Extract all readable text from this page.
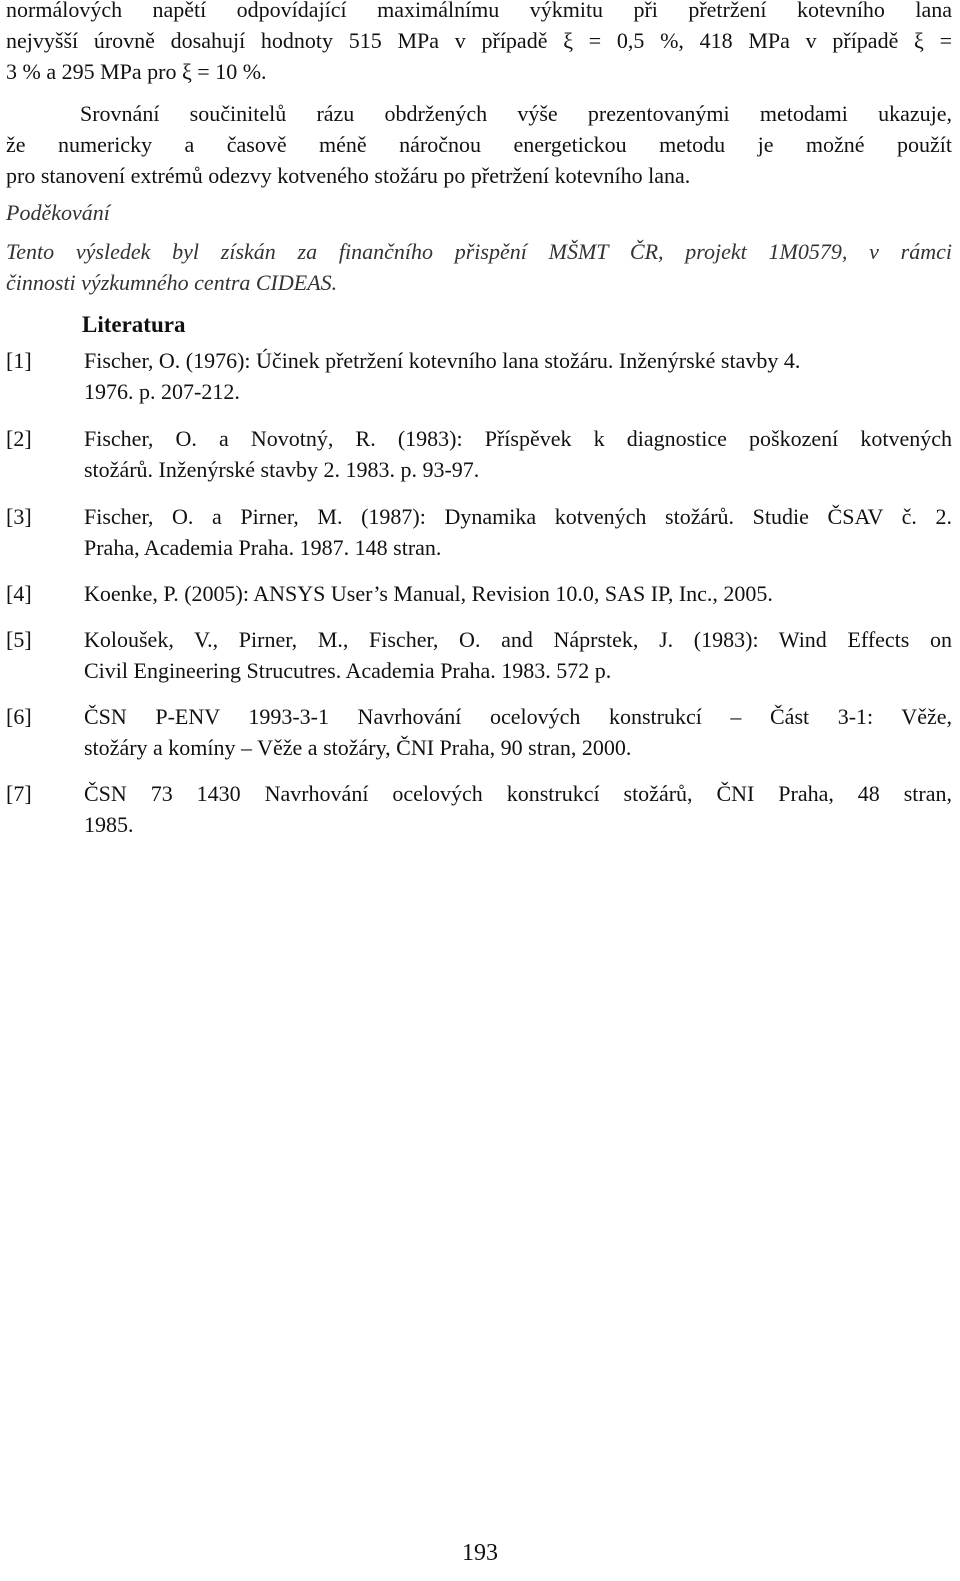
normálových napětí odpovídající maximálnímu výkmitu při přetržení kotevního lana
nejvyšší úrovně dosahují hodnoty 515 MPa v případě ξ = 0,5 %, 418 MPa v případě ξ =
3 % a 295 MPa pro ξ = 10 %.
Srovnání součinitelů rázu obdržených výše prezentovanými metodami ukazuje,
že numericky a časově méně náročnou energetickou metodu je možné použít
pro stanovení extrémů odezvy kotveného stožáru po přetržení kotevního lana.
Poděkování
Tento výsledek byl získán za finančního přispění MŠMT ČR, projekt 1M0579, v rámci
činnosti výzkumného centra CIDEAS.
Literatura
[1] Fischer, O. (1976): Účinek přetržení kotevního lana stožáru. Inženýrské stavby 4.
1976. p. 207-212.
[2] Fischer, O. a Novotný, R. (1983): Příspěvek k diagnostice poškození kotvených
stožárů. Inženýrské stavby 2. 1983. p. 93-97.
[3] Fischer, O. a Pirner, M. (1987): Dynamika kotvených stožárů. Studie ČSAV č. 2.
Praha, Academia Praha. 1987. 148 stran.
[4] Koenke, P. (2005): ANSYS User’s Manual, Revision 10.0, SAS IP, Inc., 2005.
[5] Koloušek, V., Pirner, M., Fischer, O. and Náprstek, J. (1983): Wind Effects on
Civil Engineering Strucutres. Academia Praha. 1983. 572 p.
[6] ČSN P-ENV 1993-3-1 Navrhování ocelových konstrukcí – Část 3-1: Věže,
stožáry a komíny – Věže a stožáry, ČNI Praha, 90 stran, 2000.
[7] ČSN 73 1430 Navrhování ocelových konstrukcí stožárů, ČNI Praha, 48 stran,
1985.
193
